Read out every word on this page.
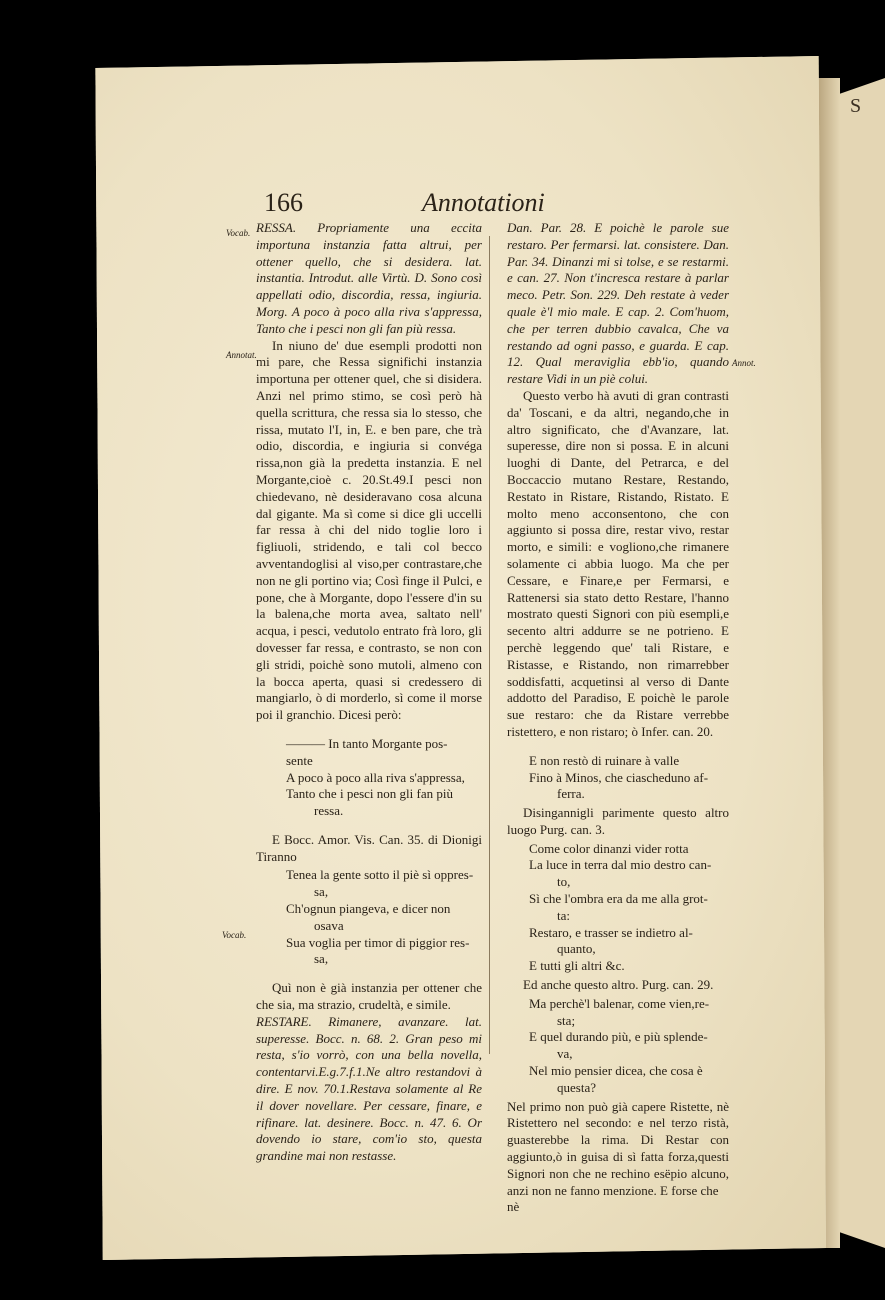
S
166	Annotationi
Vocab.
Annotat.
Annot.
Vocab.

RESSA. Propriamente una eccita importuna instanzia fatta altrui, per ottener quello, che si desidera. lat. instantia. Introdut. alle Virtù. D. Sono così appellati odio, discordia, ressa, ingiuria. Morg. A poco à poco alla riva s'appressa, Tanto che i pesci non gli fan più ressa.

In niuno de' due esempli prodotti non mi pare, che Ressa significhi instanzia importuna per ottener quel, che si disidera. Anzi nel primo stimo, se così però hà quella scrittura, che ressa sia lo stesso, che rissa, mutato l'I, in, E. e ben pare, che trà odio, discordia, e ingiuria si convéga rissa,non già la predetta instanzia. E nel Morgante,cioè c. 20.St.49.I pesci non chiedevano, nè desideravano cosa alcuna dal gigante. Ma sì come si dice gli uccelli far ressa à chi del nido toglie loro i figliuoli, stridendo, e tali col becco avventandoglisi al viso,per contrastare,che non ne gli portino via; Così finge il Pulci, e pone, che à Morgante, dopo l'essere d'in su la balena,che morta avea, saltato nell' acqua, i pesci, vedutolo entrato frà loro, gli dovesser far ressa, e contrasto, se non con gli stridi, poichè sono mutoli, almeno con la bocca aperta, quasi si credessero di mangiarlo, ò di morderlo, sì come il morse poi il granchio. Dicesi però:

——— In tanto Morgante pos-
sente
A poco à poco alla riva s'appressa,
Tanto che i pesci non gli fan più
ressa.

E Bocc. Amor. Vis. Can. 35. di Dionigi Tiranno

Tenea la gente sotto il piè sì oppres-
sa,
Ch'ognun piangeva, e dicer non
osava
Sua voglia per timor di piggior res-
sa,

Quì non è già instanzia per ottener che che sia, ma strazio, crudeltà, e simile.

RESTARE. Rimanere, avanzare. lat. superesse. Bocc. n. 68. 2. Gran peso mi resta, s'io vorrò, con una bella novella, contentarvi.E.g.7.f.1.Ne altro restandovi à dire. E nov. 70.1.Restava solamente al Re il dover novellare. Per cessare, finare, e rifinare. lat. desinere. Bocc. n. 47. 6. Or dovendo io stare, com'io sto, questa grandine mai non restasse.

Dan. Par. 28. E poichè le parole sue restaro. Per fermarsi. lat. consistere. Dan. Par. 34. Dinanzi mi si tolse, e se restarmi. e can. 27. Non t'incresca restare à parlar meco. Petr. Son. 229. Deh restate à veder quale è'l mio male. E cap. 2. Com'huom, che per terren dubbio cavalca, Che va restando ad ogni passo, e guarda. E cap. 12. Qual meraviglia ebb'io, quando restare Vidi in un piè colui.

Questo verbo hà avuti di gran contrasti da' Toscani, e da altri, negando,che in altro significato, che d'Avanzare, lat. superesse, dire non si possa. E in alcuni luoghi di Dante, del Petrarca, e del Boccaccio mutano Restare, Restando, Restato in Ristare, Ristando, Ristato. E molto meno acconsentono, che con aggiunto si possa dire, restar vivo, restar morto, e simili: e vogliono,che rimanere solamente ci abbia luogo. Ma che per Cessare, e Finare,e per Fermarsi, e Rattenersi sia stato detto Restare, l'hanno mostrato questi Signori con più esempli,e secento altri addurre se ne potrieno. E perchè leggendo que' tali Ristare, e Ristasse, e Ristando, non rimarrebber soddisfatti, acquetinsi al verso di Dante addotto del Paradiso, E poichè le parole sue restaro: che da Ristare verrebbe ristettero, e non ristaro; ò Infer. can. 20.

E non restò di ruinare à valle
Fino à Minos, che ciascheduno af-
ferra.

Disingannigli parimente questo altro luogo Purg. can. 3.

Come color dinanzi vider rotta
La luce in terra dal mio destro can-
to,
Sì che l'ombra era da me alla grot-
ta:
Restaro, e trasser se indietro al-
quanto,
E tutti gli altri &c.

Ed anche questo altro. Purg. can. 29.

Ma perchè'l balenar, come vien,re-
sta;
E quel durando più, e più splende-
va,
Nel mio pensier dicea, che cosa è
questa?

Nel primo non può già capere Ristette, nè Ristettero nel secondo: e nel terzo ristà, guasterebbe la rima. Di Restar con aggiunto,ò in guisa di sì fatta forza,questi Signori non che ne rechino esëpio alcuno, anzi non ne fanno menzione. E forse che

nè
